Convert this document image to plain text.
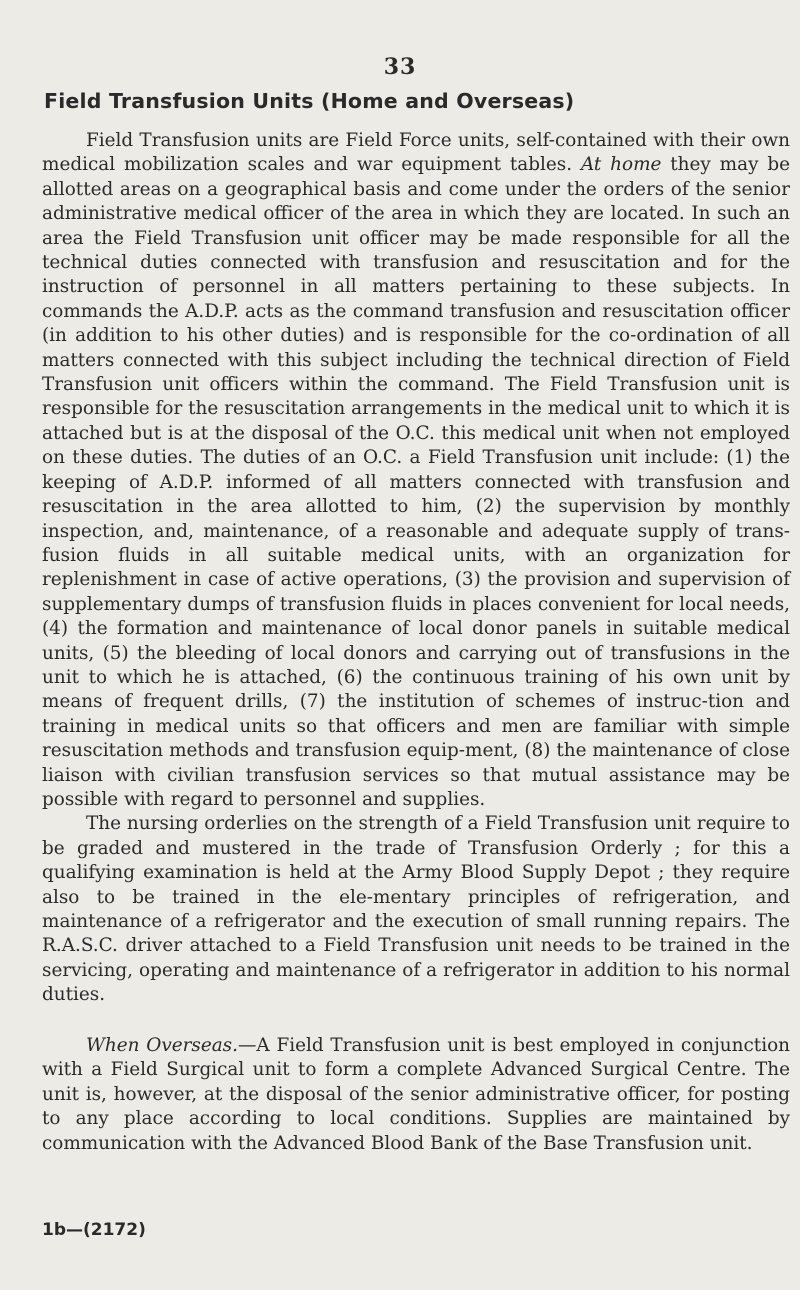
33
Field Transfusion Units (Home and Overseas)

Field Transfusion units are Field Force units, self-contained with their own medical mobilization scales and war equipment tables. At home they may be allotted areas on a geographical basis and come under the orders of the senior administrative medical officer of the area in which they are located. In such an area the Field Transfusion unit officer may be made responsible for all the technical duties connected with transfusion and resuscitation and for the instruction of personnel in all matters pertaining to these subjects. In commands the A.D.P. acts as the command transfusion and resuscitation officer (in addition to his other duties) and is responsible for the co-ordination of all matters connected with this subject including the technical direction of Field Transfusion unit officers within the command. The Field Transfusion unit is responsible for the resuscitation arrangements in the medical unit to which it is attached but is at the disposal of the O.C. this medical unit when not employed on these duties. The duties of an O.C. a Field Transfusion unit include: (1) the keeping of A.D.P. informed of all matters connected with transfusion and resuscitation in the area allotted to him, (2) the supervision by monthly inspection, and, maintenance, of a reasonable and adequate supply of trans-fusion fluids in all suitable medical units, with an organization for replenishment in case of active operations, (3) the provision and supervision of supplementary dumps of transfusion fluids in places convenient for local needs, (4) the formation and maintenance of local donor panels in suitable medical units, (5) the bleeding of local donors and carrying out of transfusions in the unit to which he is attached, (6) the continuous training of his own unit by means of frequent drills, (7) the institution of schemes of instruc-tion and training in medical units so that officers and men are familiar with simple resuscitation methods and transfusion equip-ment, (8) the maintenance of close liaison with civilian transfusion services so that mutual assistance may be possible with regard to personnel and supplies.

The nursing orderlies on the strength of a Field Transfusion unit require to be graded and mustered in the trade of Transfusion Orderly ; for this a qualifying examination is held at the Army Blood Supply Depot ; they require also to be trained in the ele-mentary principles of refrigeration, and maintenance of a refrigerator and the execution of small running repairs. The R.A.S.C. driver attached to a Field Transfusion unit needs to be trained in the servicing, operating and maintenance of a refrigerator in addition to his normal duties.

When Overseas.—A Field Transfusion unit is best employed in conjunction with a Field Surgical unit to form a complete Advanced Surgical Centre. The unit is, however, at the disposal of the senior administrative officer, for posting to any place according to local conditions. Supplies are maintained by communication with the Advanced Blood Bank of the Base Transfusion unit.

1b—(2172)
